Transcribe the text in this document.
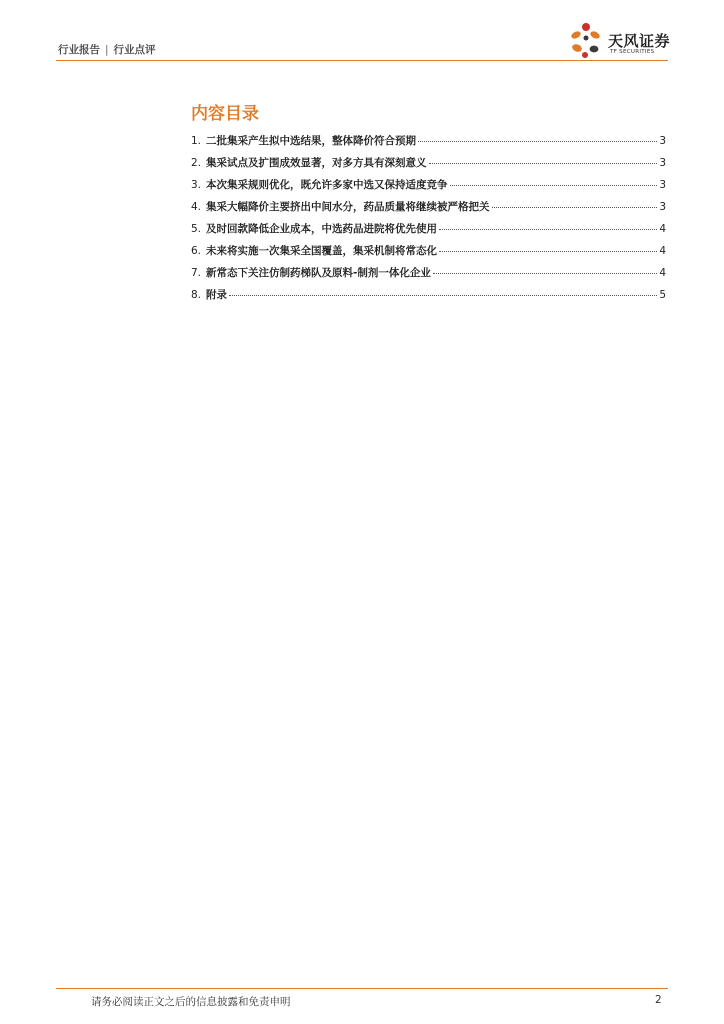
行业报告 | 行业点评	天风证券
TF SECURITIES
内容目录
1. 二批集采产生拟中选结果，整体降价符合预期	3
2. 集采试点及扩围成效显著，对多方具有深刻意义	3
3. 本次集采规则优化，既允许多家中选又保持适度竞争	3
4. 集采大幅降价主要挤出中间水分，药品质量将继续被严格把关	3
5. 及时回款降低企业成本，中选药品进院将优先使用	4
6. 未来将实施一次集采全国覆盖，集采机制将常态化	4
7. 新常态下关注仿制药梯队及原料-制剂一体化企业	4
8. 附录	5
请务必阅读正文之后的信息披露和免责申明	2
